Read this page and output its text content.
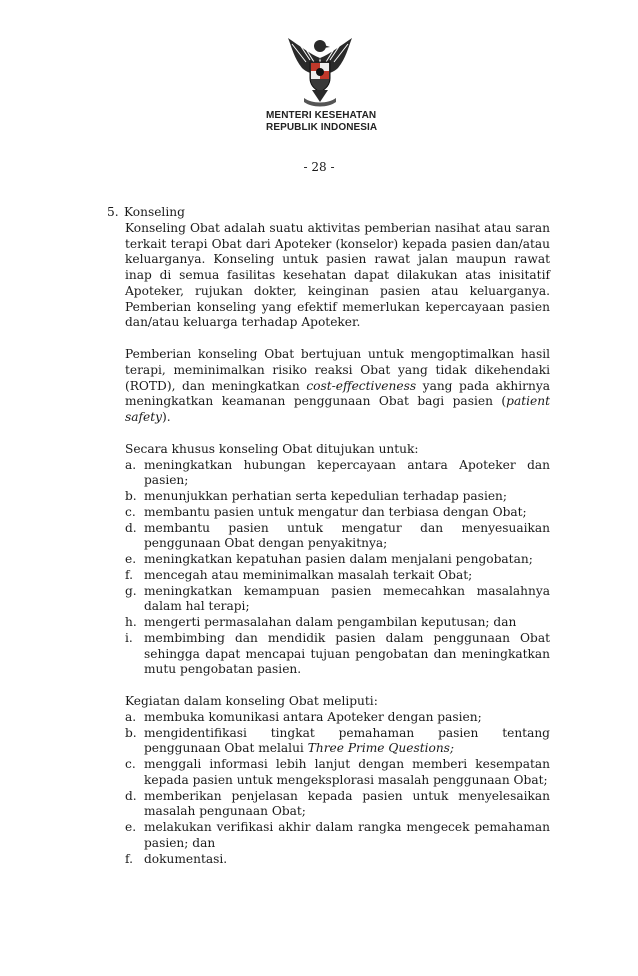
MENTERI KESEHATAN
REPUBLIK INDONESIA
- 28 -
5. Konseling

Konseling Obat adalah suatu aktivitas pemberian nasihat atau saran terkait terapi Obat dari Apoteker (konselor) kepada pasien dan/atau keluarganya. Konseling untuk pasien rawat jalan maupun rawat inap di semua fasilitas kesehatan dapat dilakukan atas inisitatif Apoteker, rujukan dokter, keinginan pasien atau keluarganya. Pemberian konseling yang efektif memerlukan kepercayaan pasien dan/atau keluarga terhadap Apoteker.

Pemberian konseling Obat bertujuan untuk mengoptimalkan hasil terapi, meminimalkan risiko reaksi Obat yang tidak dikehendaki (ROTD), dan meningkatkan cost-effectiveness yang pada akhirnya meningkatkan keamanan penggunaan Obat bagi pasien (patient safety).

Secara khusus konseling Obat ditujukan untuk:

a. meningkatkan hubungan kepercayaan antara Apoteker dan pasien;
b. menunjukkan perhatian serta kepedulian terhadap pasien;
c. membantu pasien untuk mengatur dan terbiasa dengan Obat;
d. membantu pasien untuk mengatur dan menyesuaikan penggunaan Obat dengan penyakitnya;
e. meningkatkan kepatuhan pasien dalam menjalani pengobatan;
f. mencegah atau meminimalkan masalah terkait Obat;
g. meningkatkan kemampuan pasien memecahkan masalahnya dalam hal terapi;
h. mengerti permasalahan dalam pengambilan keputusan; dan
i. membimbing dan mendidik pasien dalam penggunaan Obat sehingga dapat mencapai tujuan pengobatan dan meningkatkan mutu pengobatan pasien.

Kegiatan dalam konseling Obat meliputi:

a. membuka komunikasi antara Apoteker dengan pasien;
b. mengidentifikasi tingkat pemahaman pasien tentang penggunaan Obat melalui Three Prime Questions;
c. menggali informasi lebih lanjut dengan memberi kesempatan kepada pasien untuk mengeksplorasi masalah penggunaan Obat;
d. memberikan penjelasan kepada pasien untuk menyelesaikan masalah pengunaan Obat;
e. melakukan verifikasi akhir dalam rangka mengecek pemahaman pasien; dan
f. dokumentasi.
